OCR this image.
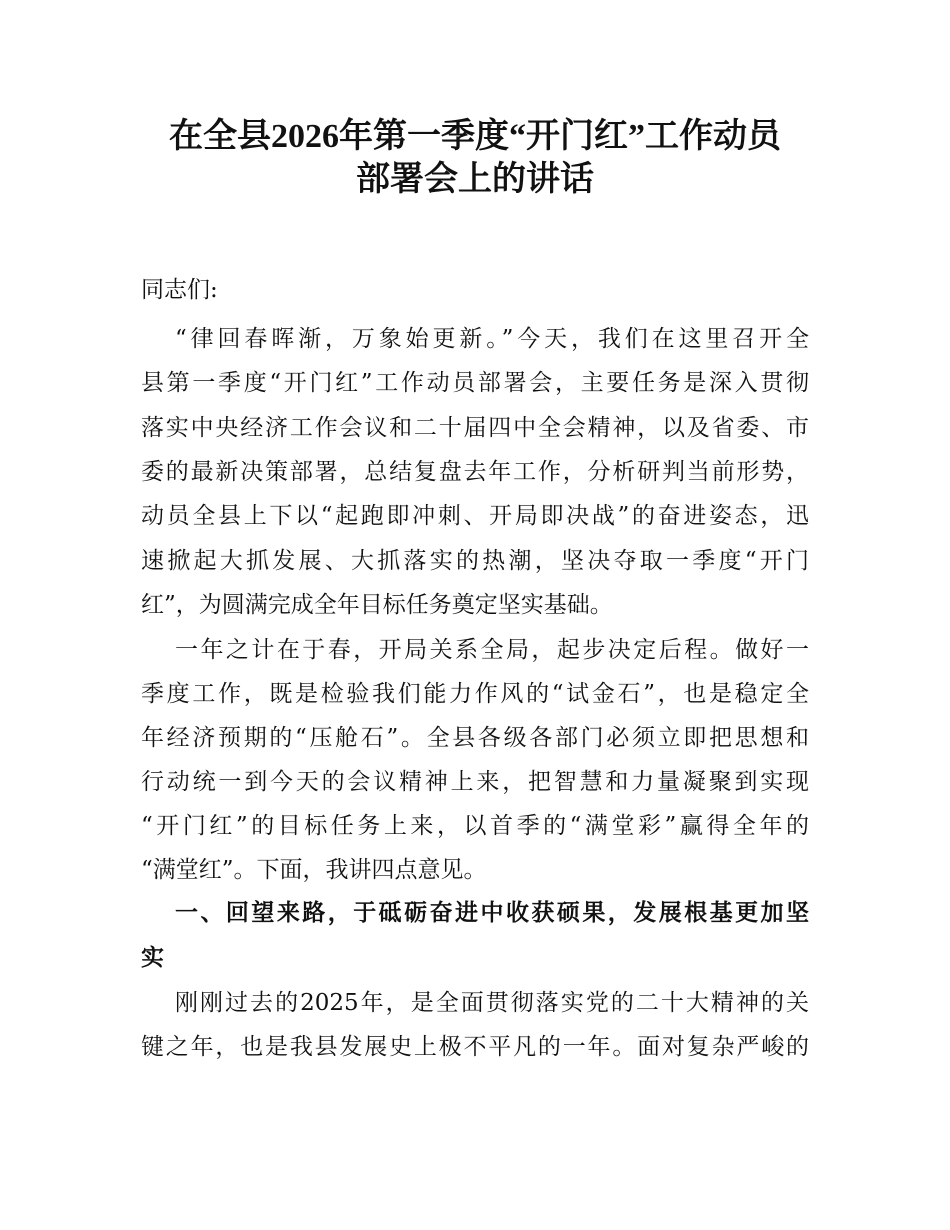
在全县2026年第一季度“开门红”工作动员
部署会上的讲话
同志们:
“律回春晖渐，万象始更新。”今天，我们在这里召开全
县第一季度“开门红”工作动员部署会，主要任务是深入贯彻
落实中央经济工作会议和二十届四中全会精神，以及省委、市
委的最新决策部署，总结复盘去年工作，分析研判当前形势，
动员全县上下以“起跑即冲刺、开局即决战”的奋进姿态，迅
速掀起大抓发展、大抓落实的热潮，坚决夺取一季度“开门
红”，为圆满完成全年目标任务奠定坚实基础。
一年之计在于春，开局关系全局，起步决定后程。做好一
季度工作，既是检验我们能力作风的“试金石”，也是稳定全
年经济预期的“压舱石”。全县各级各部门必须立即把思想和
行动统一到今天的会议精神上来，把智慧和力量凝聚到实现
“开门红”的目标任务上来，以首季的“满堂彩”赢得全年的
“满堂红”。下面，我讲四点意见。
一、回望来路，于砥砺奋进中收获硕果，发展根基更加坚
实
刚刚过去的2025年，是全面贯彻落实党的二十大精神的关
键之年，也是我县发展史上极不平凡的一年。面对复杂严峻的
